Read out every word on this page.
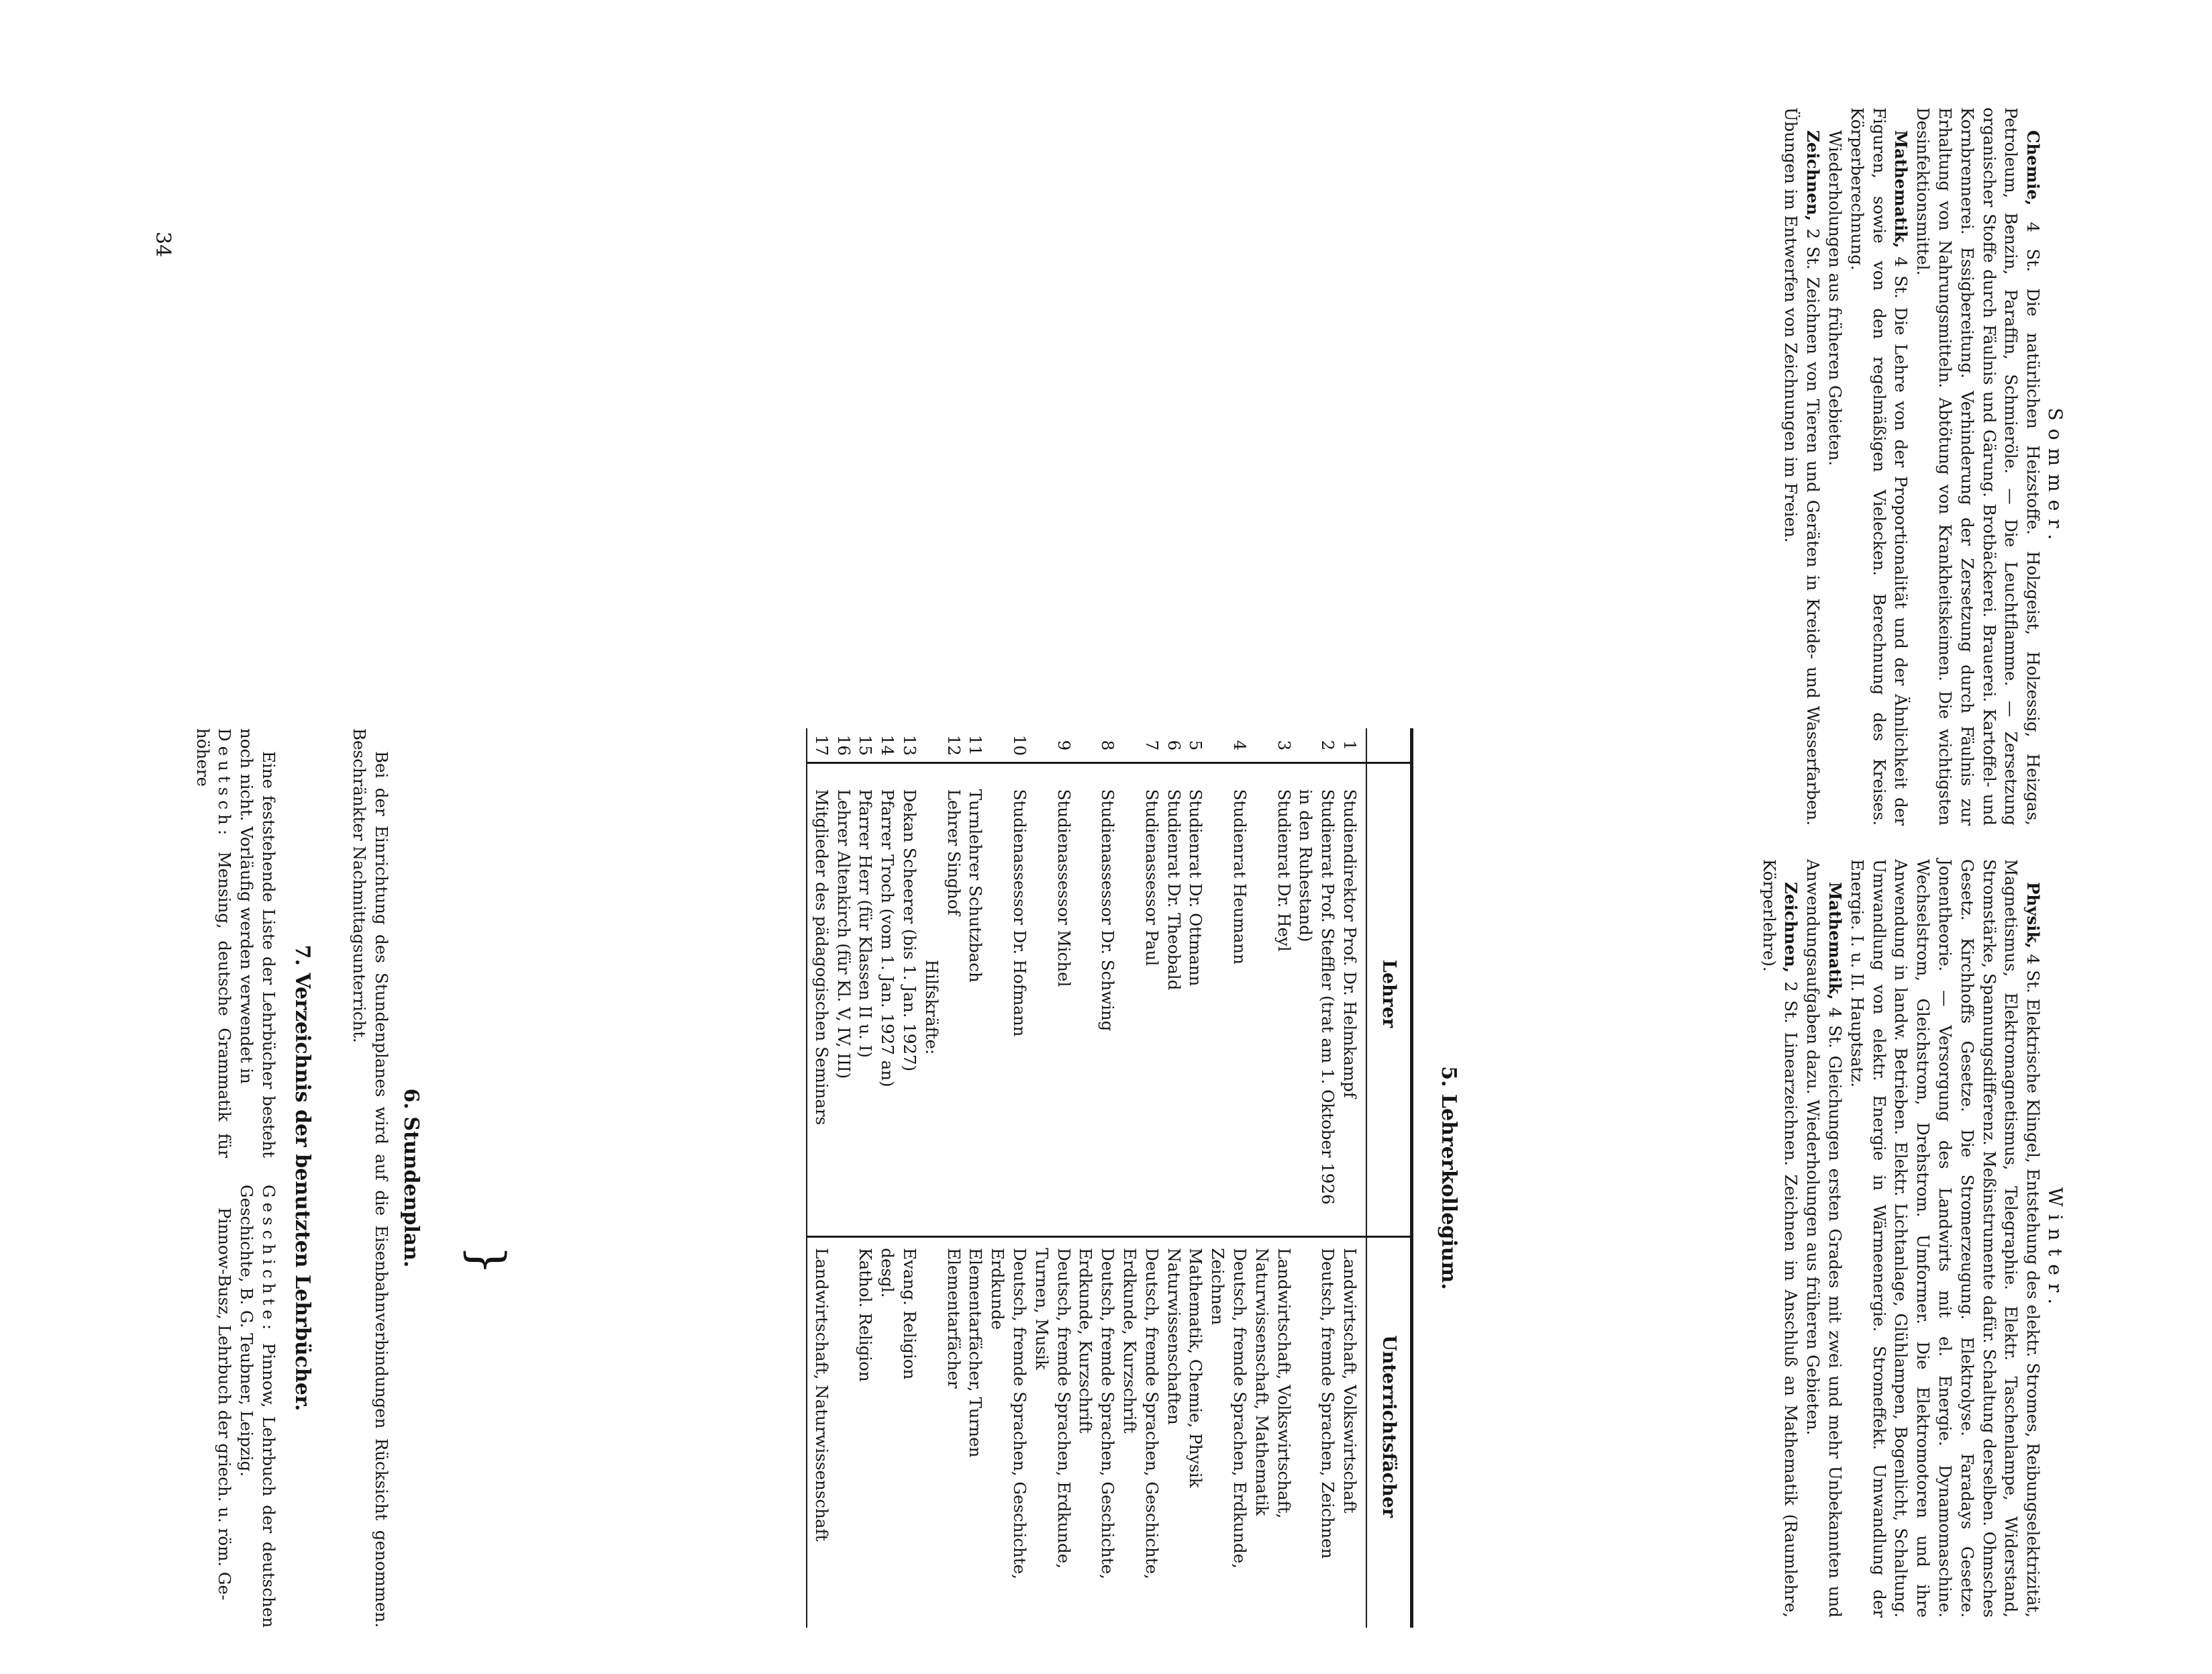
Sommer.

Chemie, 4 St. Die natürlichen Heizstoffe. Holzgeist, Holzessig, Heizgas, Petroleum, Benzin, Paraffin, Schmieröle. — Die Leuchtflamme. — Zersetzung organischer Stoffe durch Fäulnis und Gärung. Brotbäckerei. Brauerei. Kartoffel- und Kornbrennerei. Essigbereitung. Verhinderung der Zersetzung durch Fäulnis zur Erhaltung von Nahrungsmitteln. Abtötung von Krankheitskeimen. Die wichtigsten Desinfektionsmittel.

Mathematik, 4 St. Die Lehre von der Proportionalität und der Ähnlichkeit der Figuren, sowie von den regelmäßigen Vielecken. Berechnung des Kreises. Körperberechnung.

Wiederholungen aus früheren Gebieten.

Zeichnen, 2 St. Zeichnen von Tieren und Geräten in Kreide- und Wasserfarben. Übungen im Entwerfen von Zeichnungen im Freien.

Winter.

Physik, 4 St. Elektrische Klingel, Entstehung des elektr. Stromes, Reibungselektrizität, Magnetismus, Elektromagnetismus, Telegraphie. Elektr. Taschenlampe, Widerstand, Stromstärke, Spannungsdifferenz. Meßinstrumente dafür. Schaltung derselben. Ohmsches Gesetz. Kirchhoffs Gesetze. Die Stromerzeugung. Elektrolyse. Faradays Gesetze. Jonentheorie. — Versorgung des Landwirts mit el. Energie. Dynamomaschine. Wechselstrom, Gleichstrom, Drehstrom. Umformer. Die Elektromotoren und ihre Anwendung in landw. Betrieben. Elektr. Lichtanlage, Glühlampen, Bogenlicht, Schaltung. Umwandlung von elektr. Energie in Wärmeenergie. Stromeffekt. Umwandlung der Energie. I. u. II. Hauptsatz.

Mathematik, 4 St. Gleichungen ersten Grades mit zwei und mehr Unbekannten und Anwendungsaufgaben dazu. Wiederholungen aus früheren Gebieten.

Zeichnen, 2 St. Linearzeichnen. Zeichnen im Anschluß an Mathematik (Raumlehre, Körperlehre).

5. Lehrerkollegium.
Lehrer
Unterrichtsfächer
1
Studiendirektor Prof. Dr. Helmkampf
Landwirtschaft, Volkswirtschaft
2
Studienrat Prof. Steffler (trat am 1. Oktober 1926 in den Ruhestand)
Deutsch, fremde Sprachen, Zeichnen
3
Studienrat Dr. Heyl
Landwirtschaft, Volkswirtschaft, Naturwissenschaft, Mathematik
4
Studienrat Heumann
Deutsch, fremde Sprachen, Erdkunde, Zeichnen
5
Studienrat Dr. Ottmann
Mathematik, Chemie, Physik
6
Studienrat Dr. Theobald
Naturwissenschaften
7
Studienassessor Paul
Deutsch, fremde Sprachen, Geschichte, Erdkunde, Kurzschrift
8
Studienassessor Dr. Schwing
Deutsch, fremde Sprachen, Geschichte, Erdkunde, Kurzschrift
9
Studienassessor Michel
Deutsch, fremde Sprachen, Erdkunde, Turnen, Musik
10
Studienassessor Dr. Hofmann
Deutsch, fremde Sprachen, Geschichte, Erdkunde
11
Turnlehrer Schutzbach
Elementarfächer, Turnen
12
Lehrer Singhof
Elementarfächer
Hilfskräfte:
13
Dekan Scheerer (bis 1. Jan. 1927)
Evang. Religion
14
Pfarrer Troch (vom 1. Jan. 1927 an)
desgl.
15
Pfarrer Herr (für Klassen II u. I)
Kathol. Religion
16
Lehrer Altenkirch (für Kl. V, IV, III)
17
Mitglieder des pädagogischen Seminars
Landwirtschaft, Naturwissenschaft
}
6. Stundenplan.

Bei der Einrichtung des Stundenplanes wird auf die Eisenbahnverbindungen Rücksicht genommen. Beschränkter Nachmittagsunterricht.

7. Verzeichnis der benutzten Lehrbücher.

Eine feststehende Liste der Lehrbücher besteht noch nicht. Vorläufig werden verwendet in

Deutsch: Mensing, deutsche Grammatik für höhere

Geschichte: Pinnow, Lehrbuch der deutschen Geschichte, B. G. Teubner, Leipzig.

Pinnow-Busz, Lehrbuch der griech. u. röm. Ge-

34
